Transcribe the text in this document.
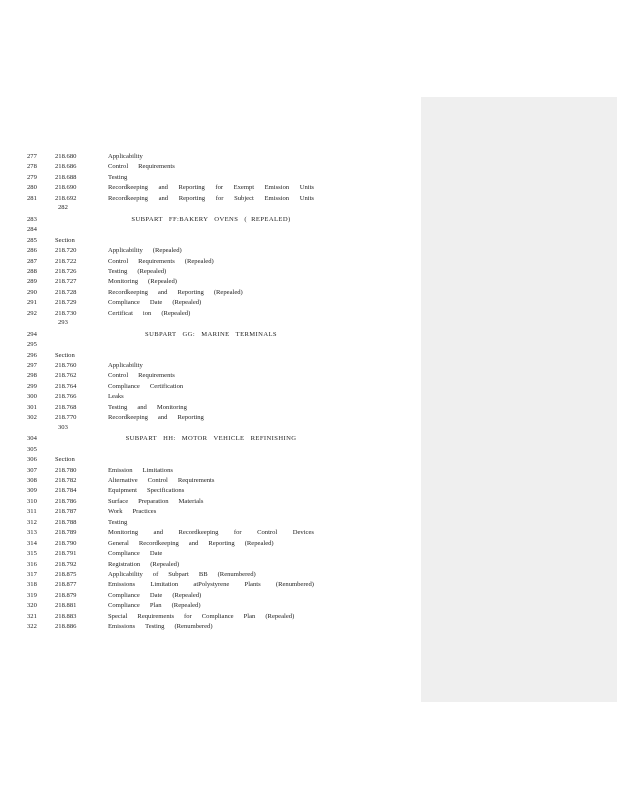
277	218.680	Applicability
278	218.686	Control Requirements
279	218.688	Testing
280	218.690	Recordkeeping and Reporting for Exempt Emission Units
281	218.692	Recordkeeping and Reporting for Subject Emission Units
282
283	SUBPART   FF:BAKERY   OVENS   (  REPEALED)
284
285	Section
286	218.720	Applicability (Repealed)
287	218.722	Control Requirements (Repealed)
288	218.726	Testing (Repealed)
289	218.727	Monitoring (Repealed)
290	218.728	Recordkeeping and Reporting (Repealed)
291	218.729	Compliance Date (Repealed)
292	218.730	Certificat ion (Repealed)
293
294	SUBPART   GG:   MARINE   TERMINALS
295
296	Section
297	218.760	Applicability
298	218.762	Control Requirements
299	218.764	Compliance Certification
300	218.766	Leaks
301	218.768	Testing and Monitoring
302	218.770	Recordkeeping and Reporting
303
304	SUBPART   HH:   MOTOR   VEHICLE   REFINISHING
305
306	Section
307	218.780	Emission Limitations
308	218.782	Alternative Control Requirements
309	218.784	Equipment Specifications
310	218.786	Surface Preparation Materials
311	218.787	Work Practices
312	218.788	Testing
313	218.789	Monitoring and Recordkeeping for Control Devices
314	218.790	General Recordkeeping and Reporting (Repealed)
315	218.791	Compliance Date
316	218.792	Registration (Repealed)
317	218.875	Applicability of Subpart BB (Renumbered)
318	218.877	Emissions Limitation atPolystyrene Plants (Renumbered)
319	218.879	Compliance Date (Repealed)
320	218.881	Compliance Plan (Repealed)
321	218.883	Special Requirements for Compliance Plan (Repealed)
322	218.886	Emissions Testing (Renumbered)
